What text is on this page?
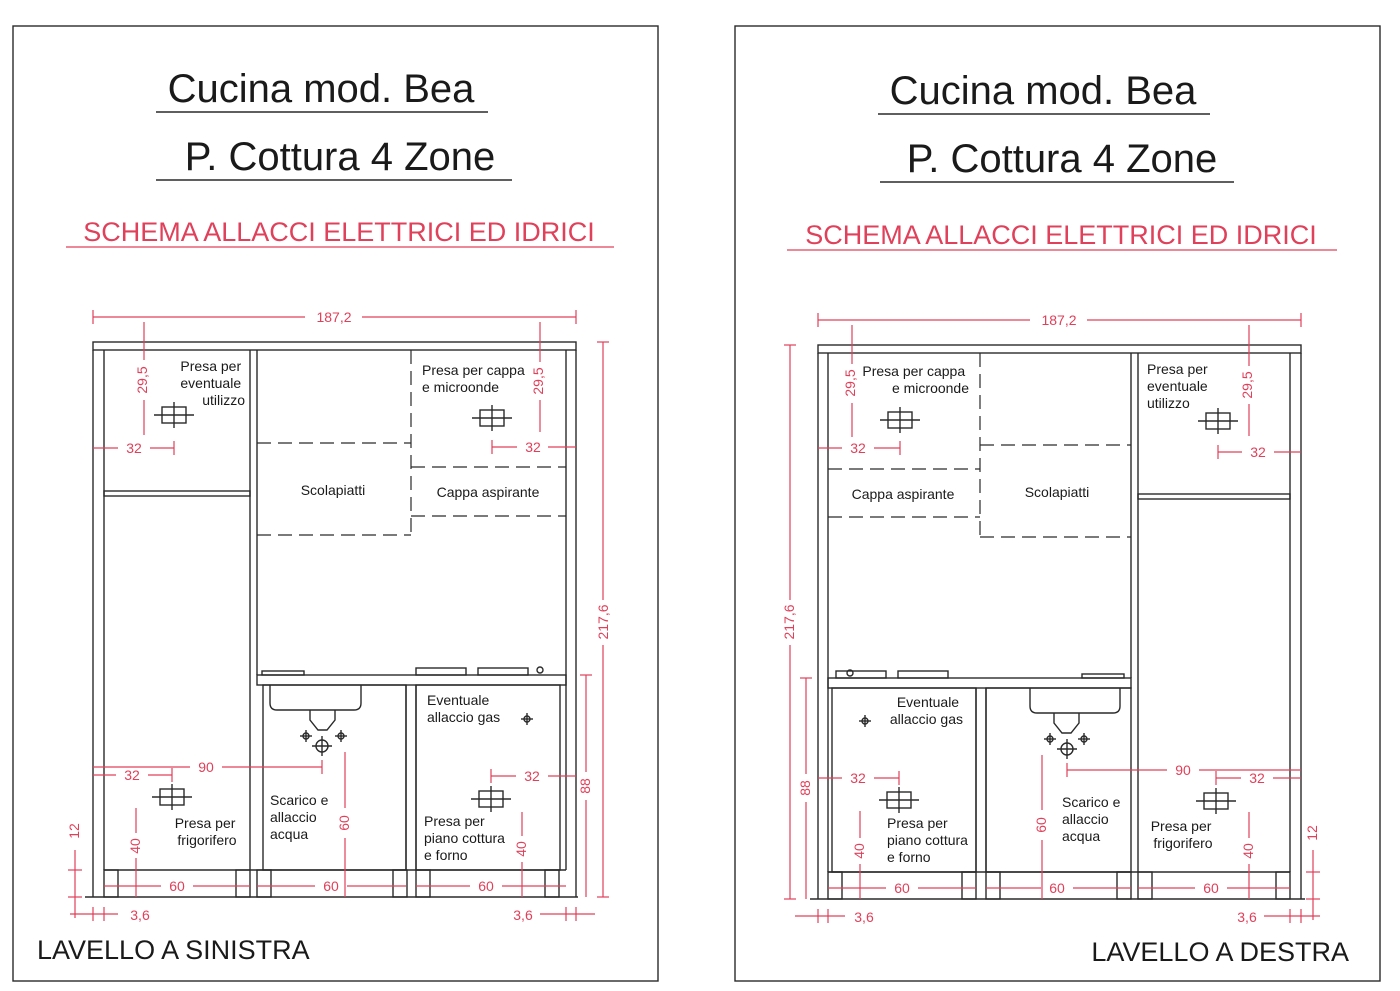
Cucina mod. Bea
P. Cottura 4 Zone
SCHEMA ALLACCI ELETTRICI ED IDRICI
Presa per eventuale utilizzo
Presa per cappa e microonde
Scolapiatti	Cappa aspirante
Eventuale allaccio gas
Scarico e allaccio acqua
Presa per frigorifero
Presa per piano cottura e forno
187,2
217,6
88
29,5	29,5
32	32
90
32	32
60
40	40
12
60	60	60
3,6	3,6
LAVELLO A SINISTRA
Cucina mod. Bea
P. Cottura 4 Zone
SCHEMA ALLACCI ELETTRICI ED IDRICI
Presa per cappa e microonde
Presa per eventuale utilizzo
Cappa aspirante	Scolapiatti
Eventuale allaccio gas
Presa per piano cottura e forno
Scarico e allaccio acqua
Presa per frigorifero
187,2
217,6
88
29,5	29,5
32	32
90
32	32
60
40	40
12
60	60	60
3,6	3,6
LAVELLO A DESTRA
